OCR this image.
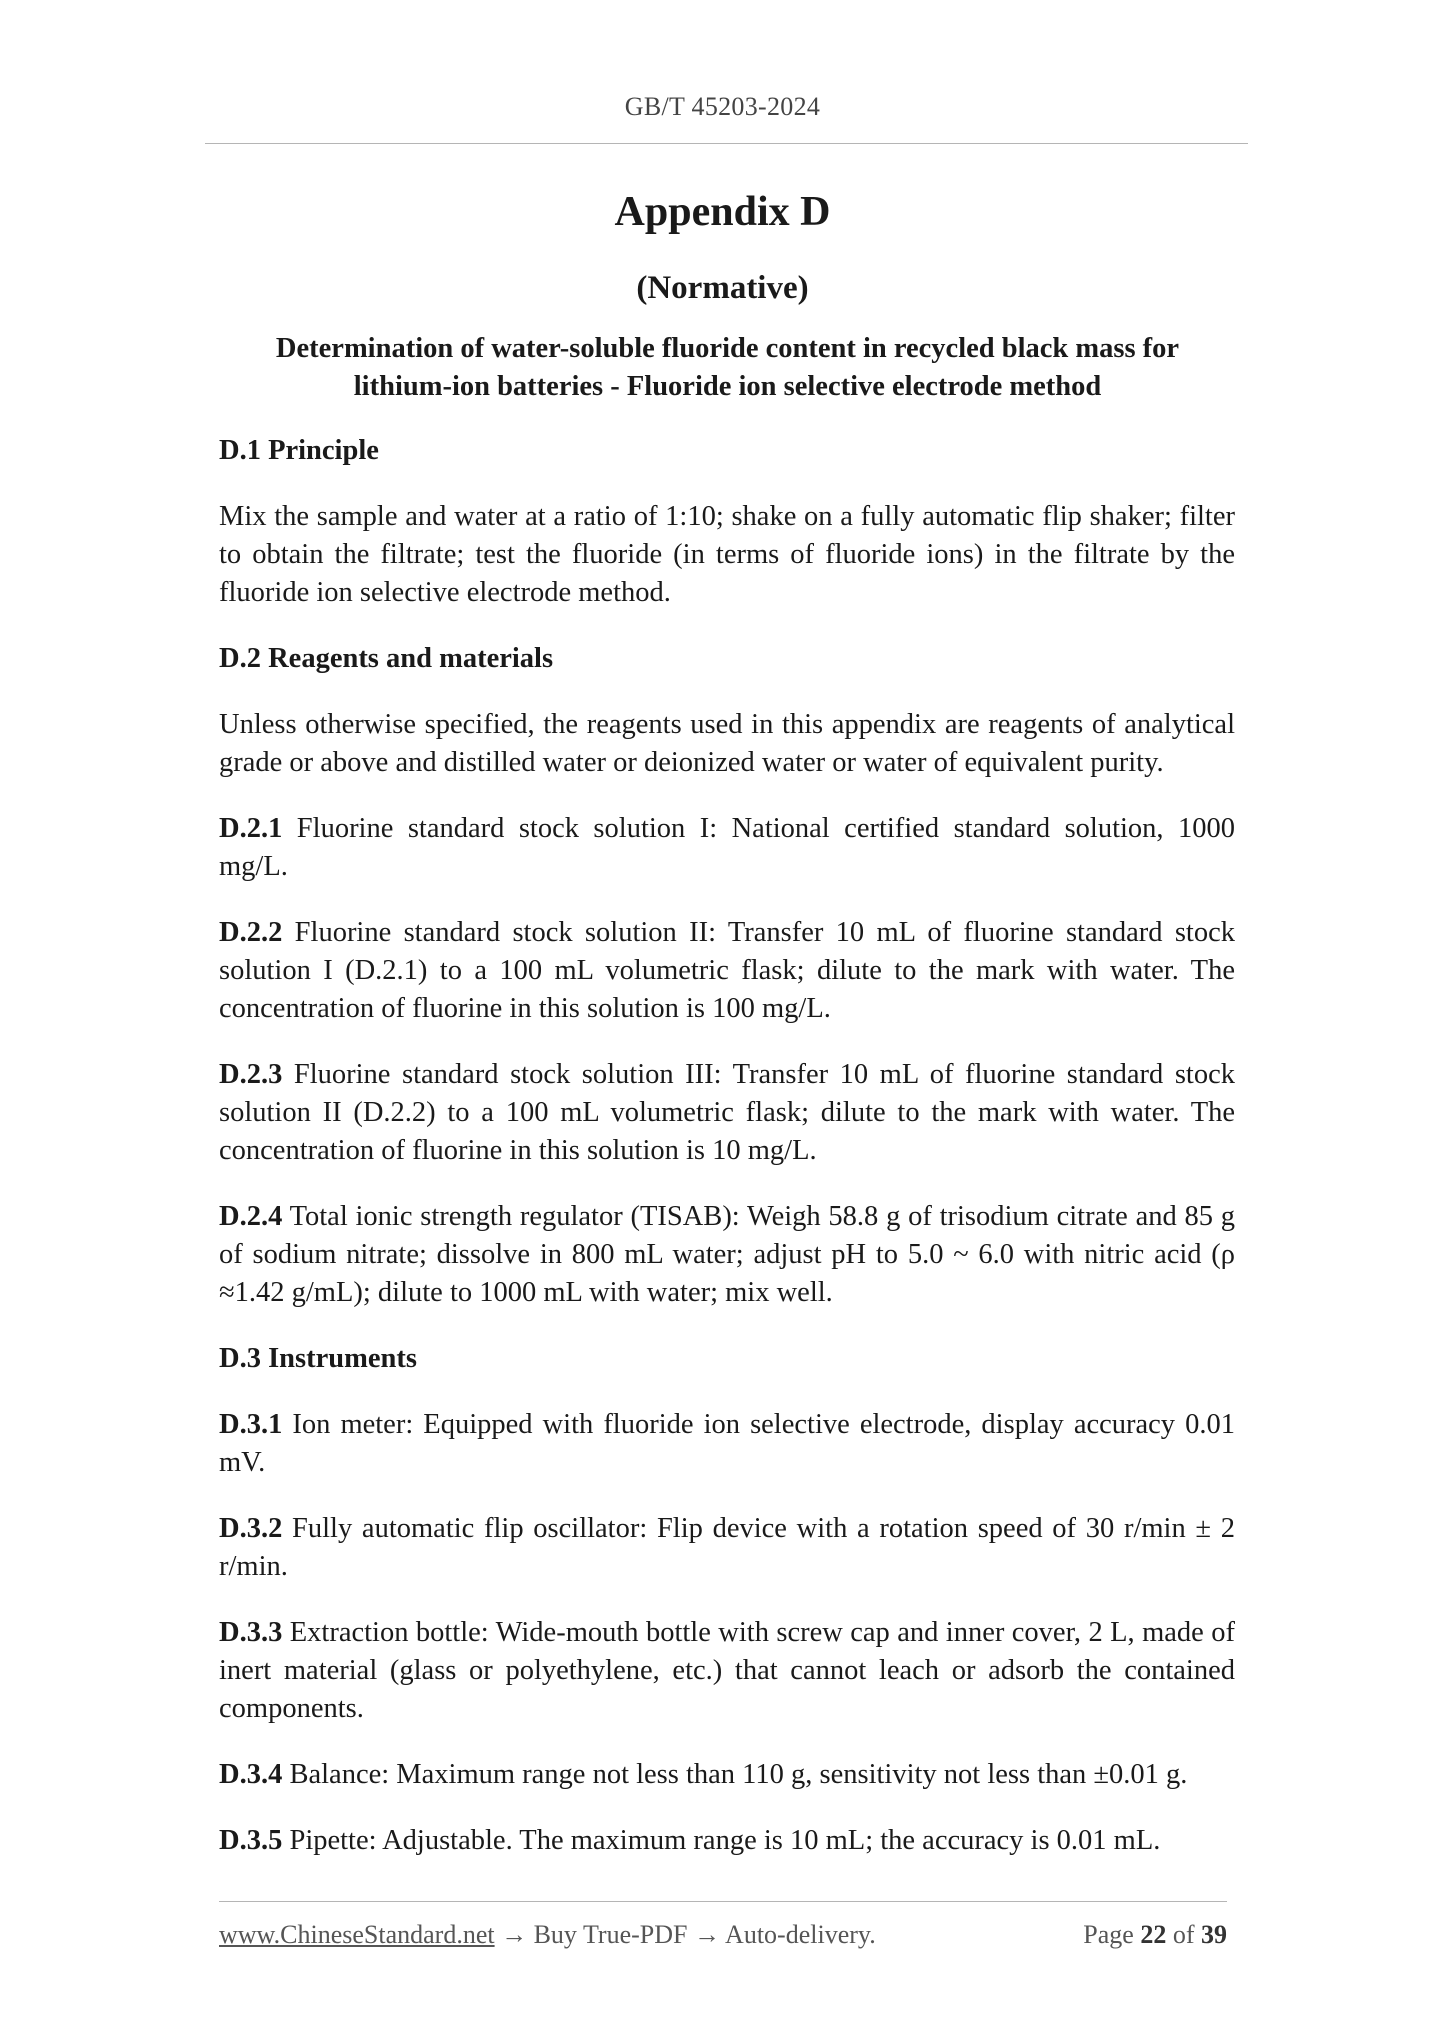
GB/T 45203-2024
Appendix D
(Normative)
Determination of water-soluble fluoride content in recycled black mass for
lithium-ion batteries - Fluoride ion selective electrode method

D.1 Principle

Mix the sample and water at a ratio of 1:10; shake on a fully automatic flip shaker; filter to obtain the filtrate; test the fluoride (in terms of fluoride ions) in the filtrate by the fluoride ion selective electrode method.

D.2 Reagents and materials

Unless otherwise specified, the reagents used in this appendix are reagents of analytical grade or above and distilled water or deionized water or water of equivalent purity.

D.2.1 Fluorine standard stock solution I: National certified standard solution, 1000 mg/L.

D.2.2 Fluorine standard stock solution II: Transfer 10 mL of fluorine standard stock solution I (D.2.1) to a 100 mL volumetric flask; dilute to the mark with water. The concentration of fluorine in this solution is 100 mg/L.

D.2.3 Fluorine standard stock solution III: Transfer 10 mL of fluorine standard stock solution II (D.2.2) to a 100 mL volumetric flask; dilute to the mark with water. The concentration of fluorine in this solution is 10 mg/L.

D.2.4 Total ionic strength regulator (TISAB): Weigh 58.8 g of trisodium citrate and 85 g of sodium nitrate; dissolve in 800 mL water; adjust pH to 5.0 ~ 6.0 with nitric acid (ρ ≈1.42 g/mL); dilute to 1000 mL with water; mix well.

D.3 Instruments

D.3.1 Ion meter: Equipped with fluoride ion selective electrode, display accuracy 0.01 mV.

D.3.2 Fully automatic flip oscillator: Flip device with a rotation speed of 30 r/min ± 2 r/min.

D.3.3 Extraction bottle: Wide-mouth bottle with screw cap and inner cover, 2 L, made of inert material (glass or polyethylene, etc.) that cannot leach or adsorb the contained components.

D.3.4 Balance: Maximum range not less than 110 g, sensitivity not less than ±0.01 g.

D.3.5 Pipette: Adjustable. The maximum range is 10 mL; the accuracy is 0.01 mL.

www.ChineseStandard.net → Buy True-PDF → Auto-delivery.	Page 22 of 39
